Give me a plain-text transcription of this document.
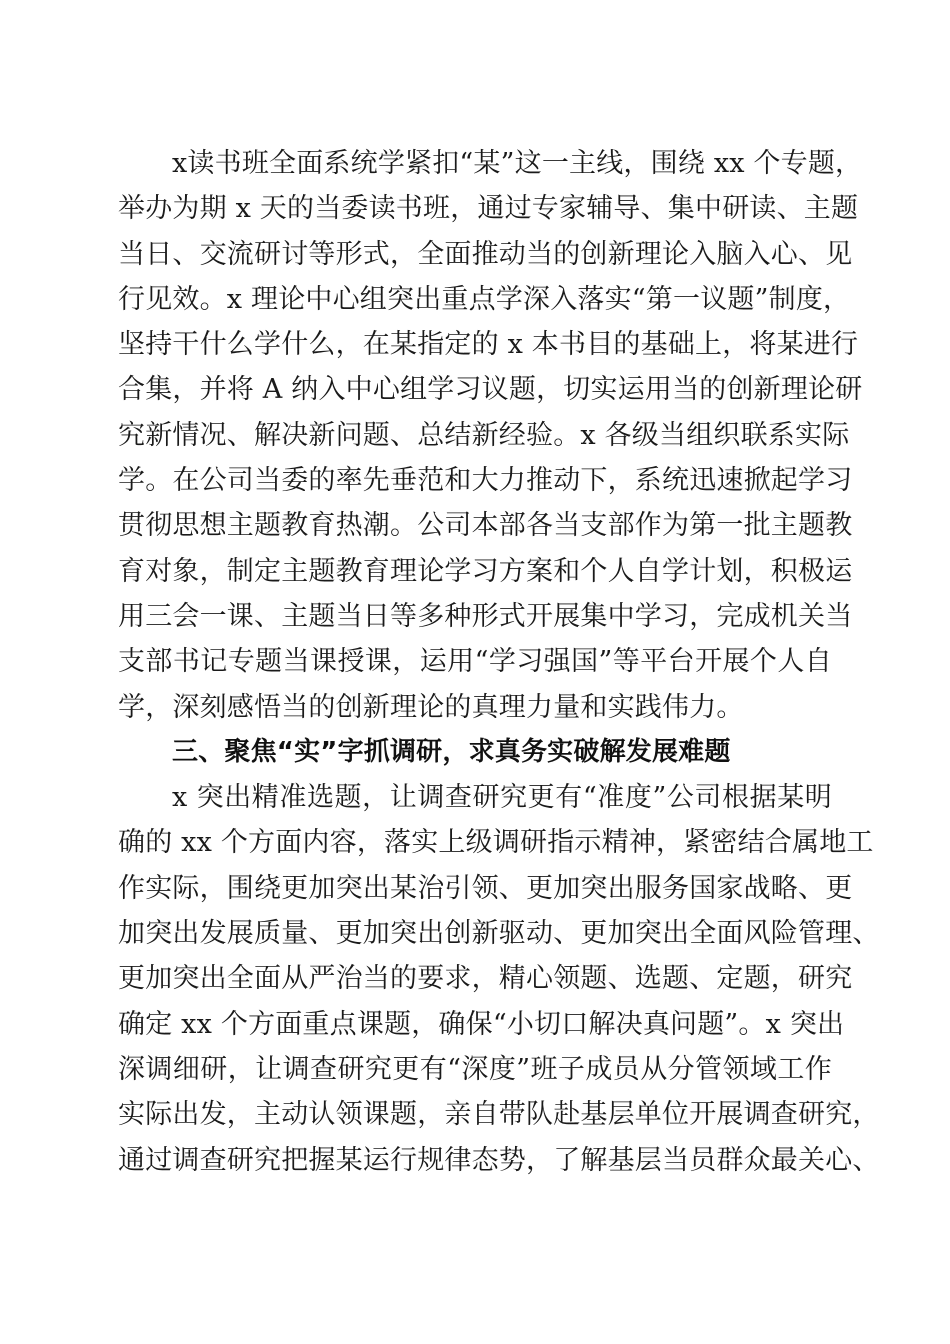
x读书班全面系统学紧扣“某”这一主线，围绕 xx 个专题，
举办为期 x 天的当委读书班，通过专家辅导、集中研读、主题
当日、交流研讨等形式，全面推动当的创新理论入脑入心、见
行见效。x 理论中心组突出重点学深入落实“第一议题”制度，
坚持干什么学什么，在某指定的 x 本书目的基础上，将某进行
合集，并将 A 纳入中心组学习议题，切实运用当的创新理论研
究新情况、解决新问题、总结新经验。x 各级当组织联系实际
学。在公司当委的率先垂范和大力推动下，系统迅速掀起学习
贯彻思想主题教育热潮。公司本部各当支部作为第一批主题教
育对象，制定主题教育理论学习方案和个人自学计划，积极运
用三会一课、主题当日等多种形式开展集中学习，完成机关当
支部书记专题当课授课，运用“学习强国”等平台开展个人自
学，深刻感悟当的创新理论的真理力量和实践伟力。
三、聚焦“实”字抓调研，求真务实破解发展难题
x 突出精准选题，让调查研究更有“准度”公司根据某明
确的 xx 个方面内容，落实上级调研指示精神，紧密结合属地工
作实际，围绕更加突出某治引领、更加突出服务国家战略、更
加突出发展质量、更加突出创新驱动、更加突出全面风险管理、
更加突出全面从严治当的要求，精心领题、选题、定题，研究
确定 xx 个方面重点课题，确保“小切口解决真问题”。x 突出
深调细研，让调查研究更有“深度”班子成员从分管领域工作
实际出发，主动认领课题，亲自带队赴基层单位开展调查研究，
通过调查研究把握某运行规律态势，了解基层当员群众最关心、
